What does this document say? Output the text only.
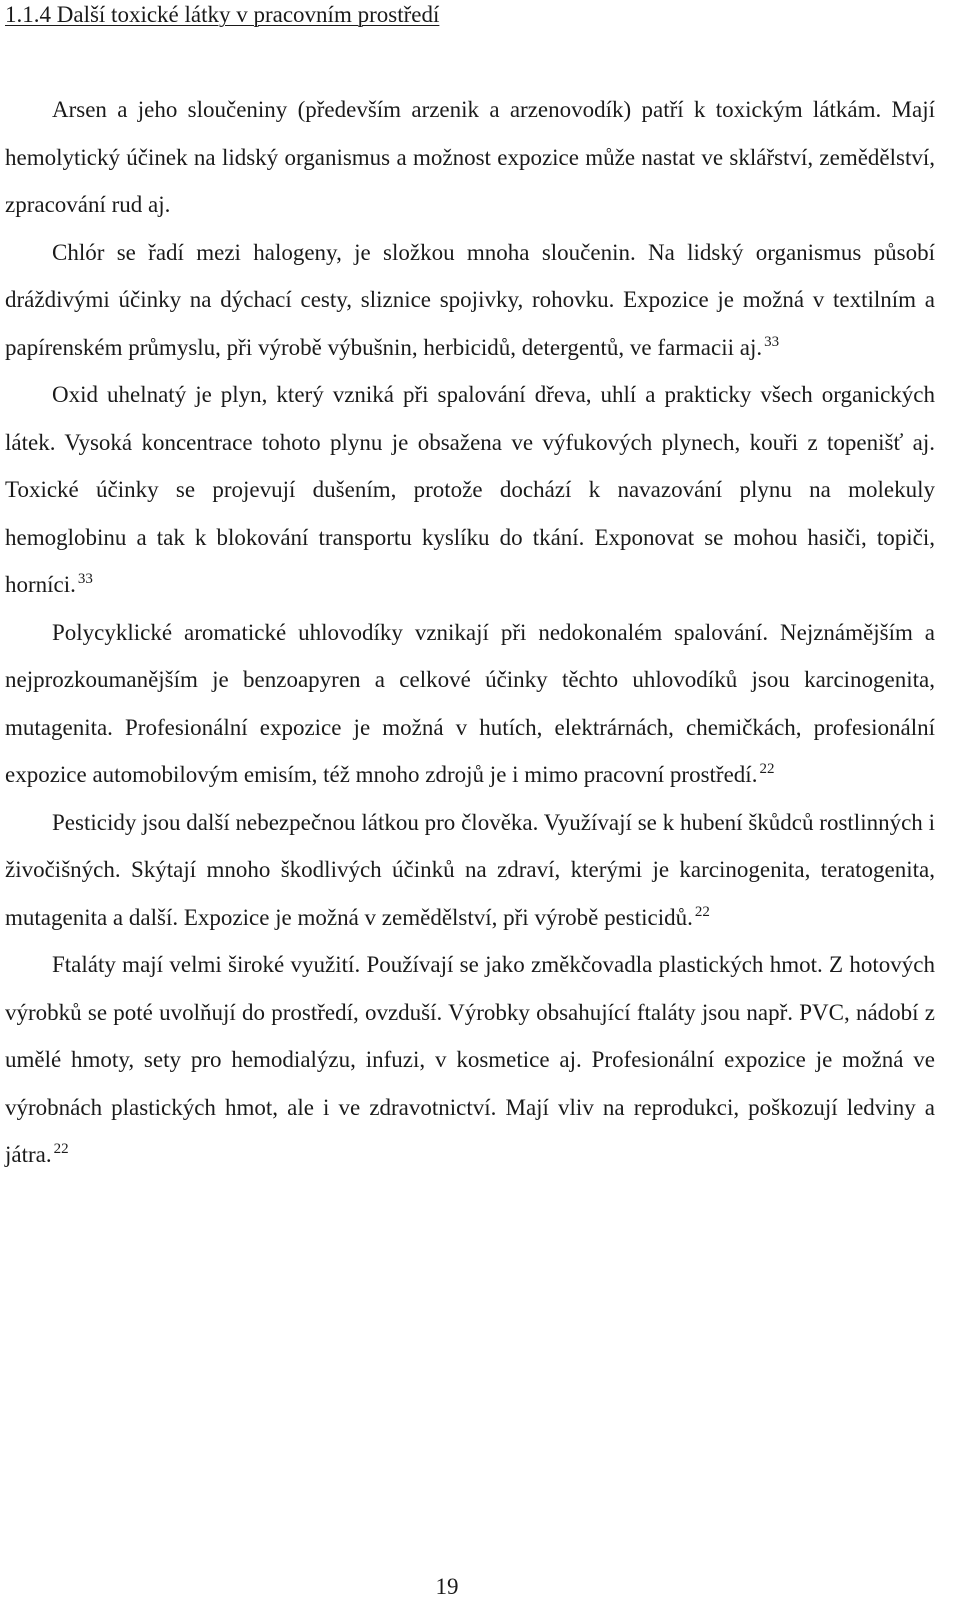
1.1.4 Další toxické látky v pracovním prostředí

Arsen a jeho sloučeniny (především arzenik a arzenovodík) patří k toxickým látkám. Mají hemolytický účinek na lidský organismus a možnost expozice může nastat ve sklářství, zemědělství, zpracování rud aj.

Chlór se řadí mezi halogeny, je složkou mnoha sloučenin. Na lidský organismus působí dráždivými účinky na dýchací cesty, sliznice spojivky, rohovku. Expozice je možná v textilním a papírenském průmyslu, při výrobě výbušnin, herbicidů, detergentů, ve farmacii aj. $^{33}$

Oxid uhelnatý je plyn, který vzniká při spalování dřeva, uhlí a prakticky všech organických látek. Vysoká koncentrace tohoto plynu je obsažena ve výfukových plynech, kouři z topenišť aj. Toxické účinky se projevují dušením, protože dochází k navazování plynu na molekuly hemoglobinu a tak k blokování transportu kyslíku do tkání. Exponovat se mohou hasiči, topiči, horníci. $^{33}$

Polycyklické aromatické uhlovodíky vznikají při nedokonalém spalování. Nejznámějším a nejprozkoumanějším je benzoapyren a celkové účinky těchto uhlovodíků jsou karcinogenita, mutagenita. Profesionální expozice je možná v hutích, elektrárnách, chemičkách, profesionální expozice automobilovým emisím, též mnoho zdrojů je i mimo pracovní prostředí. $^{22}$

Pesticidy jsou další nebezpečnou látkou pro člověka. Využívají se k hubení škůdců rostlinných i živočišných. Skýtají mnoho škodlivých účinků na zdraví, kterými je karcinogenita, teratogenita, mutagenita a další. Expozice je možná v zemědělství, při výrobě pesticidů. $^{22}$

Ftaláty mají velmi široké využití. Používají se jako změkčovadla plastických hmot. Z hotových výrobků se poté uvolňují do prostředí, ovzduší. Výrobky obsahující ftaláty jsou např. PVC, nádobí z umělé hmoty, sety pro hemodialýzu, infuzi, v kosmetice aj. Profesionální expozice je možná ve výrobnách plastických hmot, ale i ve zdravotnictví. Mají vliv na reprodukci, poškozují ledviny a játra. $^{22}$

19
